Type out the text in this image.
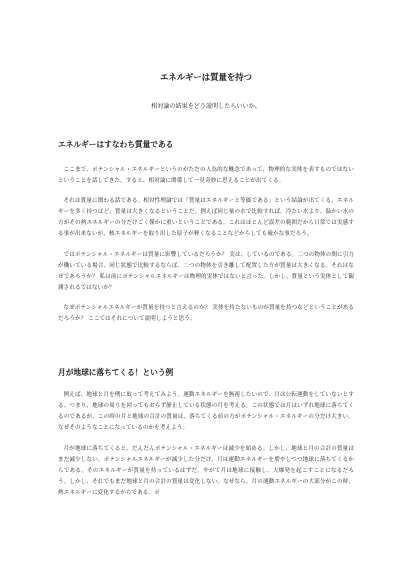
エネルギーは質量を持つ
相対論の結果をどう説明したらいいか。
エネルギーはすなわち質量である

ここまで、ポテンシャル・エネルギーというのがただの人為的な概念であって、物理的な実体を表すものではないということを話してきた。すると、相対論に関係して一見奇妙に思えることが出てくる。

それは質量に関わる話である。相対性理論では「質量はエネルギーと等価である」という結論が出てくる。エネルギーを多く持つほど、質量は大きくなるということだ。例えば同じ量の水で比較すれば、冷たい水より、温かい水の方がその熱エネルギーの分だけごく僅かに重いということである。これはほとんど誤差の範囲だから日常では実感する事が出来ないが、核エネルギーを取り出した原子が軽くなることなどからしても確かな事だろう。

ではポテンシャル・エネルギーは質量に影響しているだろうか？ 実は、しているのである。二つの物体の間に引力が働いている場合、同じ状態で比較するならば、二つの物体を引き離して配置した方が質量は大きくなる。それはなぜであろうか？ 私は前にポテンシャルエネルギーは物理的実体ではないと言った。しかし、質量という実体として観測されるではないか？

なぜポテンシャルエネルギーが質量を持つと言えるのか？ 実体を持たないものが質量を持つなどということがあるだろうか？ ここではそれについて説明しようと思う。

月が地球に落ちてくる！という例

例えば、地球と月を例に取って考えてみよう。運動エネルギーを無視したいので、月は公転運動をしていないとする。つまり、地球の周りを回ってもおらず静止している状態の月を考える。この状態では月はいずれ地球に落ちてくるのであるが、この時の月と地球の合計の質量は、落ちてくる前の方がポテンシャル・エネルギーの分だけ大きい。なぜそのようなことになっているのかを考えよう。

月が地球に落ちてくると、だんだんポテンシャル・エネルギーは減少を始める。しかし、地球と月の合計の質量はまだ減少しない。ポテンシャルエネルギーが減少した分だけ、月は運動エネルギーを増やしつつ地球に落ちてくるからである。そのエネルギーが質量を持っているはずだ。やがて月は地球に接触し、大爆発を起こすことになるだろう。しかし、それでもまだ地球と月の合計の質量は変化しない。なぜなら、月の運動エネルギーの大部分がこの時、熱エネルギーに変化するからである。ポ
